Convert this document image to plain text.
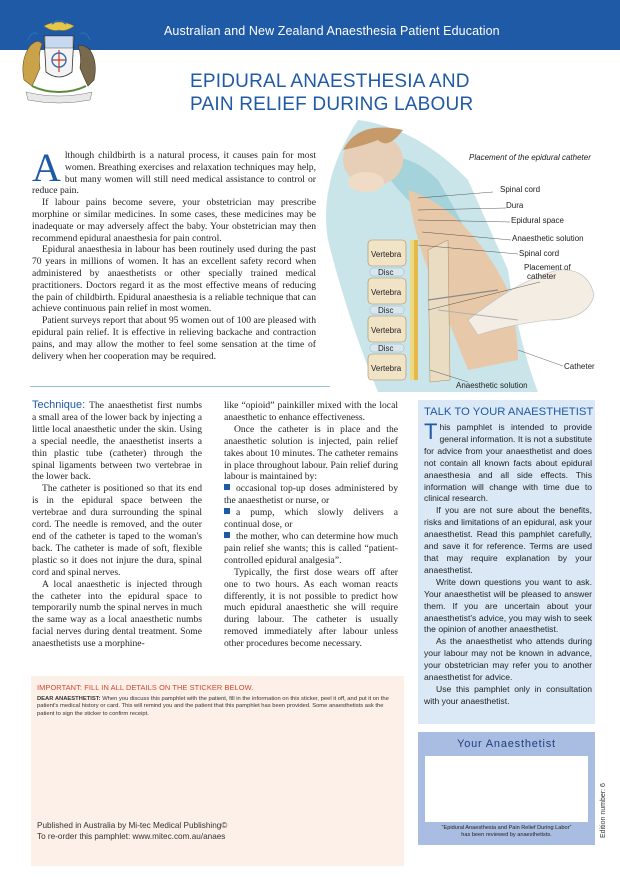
Australian and New Zealand Anaesthesia Patient Education
EPIDURAL ANAESTHESIA AND
PAIN RELIEF DURING LABOUR

Although childbirth is a natural process, it causes pain for most women. Breathing exercises and relaxation techniques may help, but many women will still need medical assistance to control or reduce pain.

If labour pains become severe, your obstetrician may prescribe morphine or similar medicines. In some cases, these medicines may be inadequate or may adversely affect the baby. Your obstetrician may then recommend epidural anaesthesia for pain control.

Epidural anaesthesia in labour has been routinely used during the past 70 years in millions of women. It has an excellent safety record when administered by anaesthetists or other specially trained medical practitioners. Doctors regard it as the most effective means of reducing the pain of childbirth. Epidural anaesthesia is a reliable technique that can achieve continuous pain relief in most women.

Patient surveys report that about 95 women out of 100 are pleased with epidural pain relief. It is effective in relieving backache and contraction pains, and may allow the mother to feel some sensation at the time of delivery when her cooperation may be required.

Placement of the epidural catheter
Spinal cord
Dura
Epidural space
Anaesthetic solution
Spinal cord
Placement of
catheter
Catheter
Anaesthetic solution
Vertebra
Disc
Vertebra
Disc
Vertebra
Disc
Vertebra

Technique: The anaesthetist first numbs a small area of the lower back by injecting a little local anaesthetic under the skin. Using a special needle, the anaesthetist inserts a thin plastic tube (catheter) through the spinal ligaments between two vertebrae in the lower back.

The catheter is positioned so that its end is in the epidural space between the vertebrae and dura surrounding the spinal cord. The needle is removed, and the outer end of the catheter is taped to the woman's back. The catheter is made of soft, flexible plastic so it does not injure the dura, spinal cord and spinal nerves.

A local anaesthetic is injected through the catheter into the epidural space to temporarily numb the spinal nerves in much the same way as a local anaesthetic numbs facial nerves during dental treatment. Some anaesthetists use a morphine-

like “opioid” painkiller mixed with the local anaesthetic to enhance effectiveness.

Once the catheter is in place and the anaesthetic solution is injected, pain relief takes about 10 minutes. The catheter remains in place throughout labour. Pain relief during labour is maintained by:

occasional top-up doses administered by the anaesthetist or nurse, or

a pump, which slowly delivers a continual dose, or

the mother, who can determine how much pain relief she wants; this is called “patient-controlled epidural analgesia”.

Typically, the first dose wears off after one to two hours. As each woman reacts differently, it is not possible to predict how much epidural anaesthetic she will require during labour. The catheter is usually removed immediately after labour unless other procedures become necessary.

TALK TO YOUR ANAESTHETIST

This pamphlet is intended to provide general information. It is not a substitute for advice from your anaesthetist and does not contain all known facts about epidural anaesthesia and all side effects. This information will change with time due to clinical research.

If you are not sure about the benefits, risks and limitations of an epidural, ask your anaesthetist. Read this pamphlet carefully, and save it for reference. Terms are used that may require explanation by your anaesthetist.

Write down questions you want to ask. Your anaesthetist will be pleased to answer them. If you are uncertain about your anaesthetist's advice, you may wish to seek the opinion of another anaesthetist.

As the anaesthetist who attends during your labour may not be known in advance, your obstetrician may refer you to another anaesthetist for advice.

Use this pamphlet only in consultation with your anaesthetist.

Your Anaesthetist
“Epidural Anaesthesia and Pain Relief During Labor”
has been reviewed by anaesthetists.	Edition number: 6
IMPORTANT: FILL IN ALL DETAILS ON THE STICKER BELOW.
DEAR ANAESTHETIST: When you discuss this pamphlet with the patient, fill in the information on this sticker, peel it off, and put it on the patient's medical history or card. This will remind you and the patient that this pamphlet has been provided. Some anaesthetists ask the patient to sign the sticker to confirm receipt.
Published in Australia by Mi-tec Medical Publishing©
To re-order this pamphlet: www.mitec.com.au/anaes
